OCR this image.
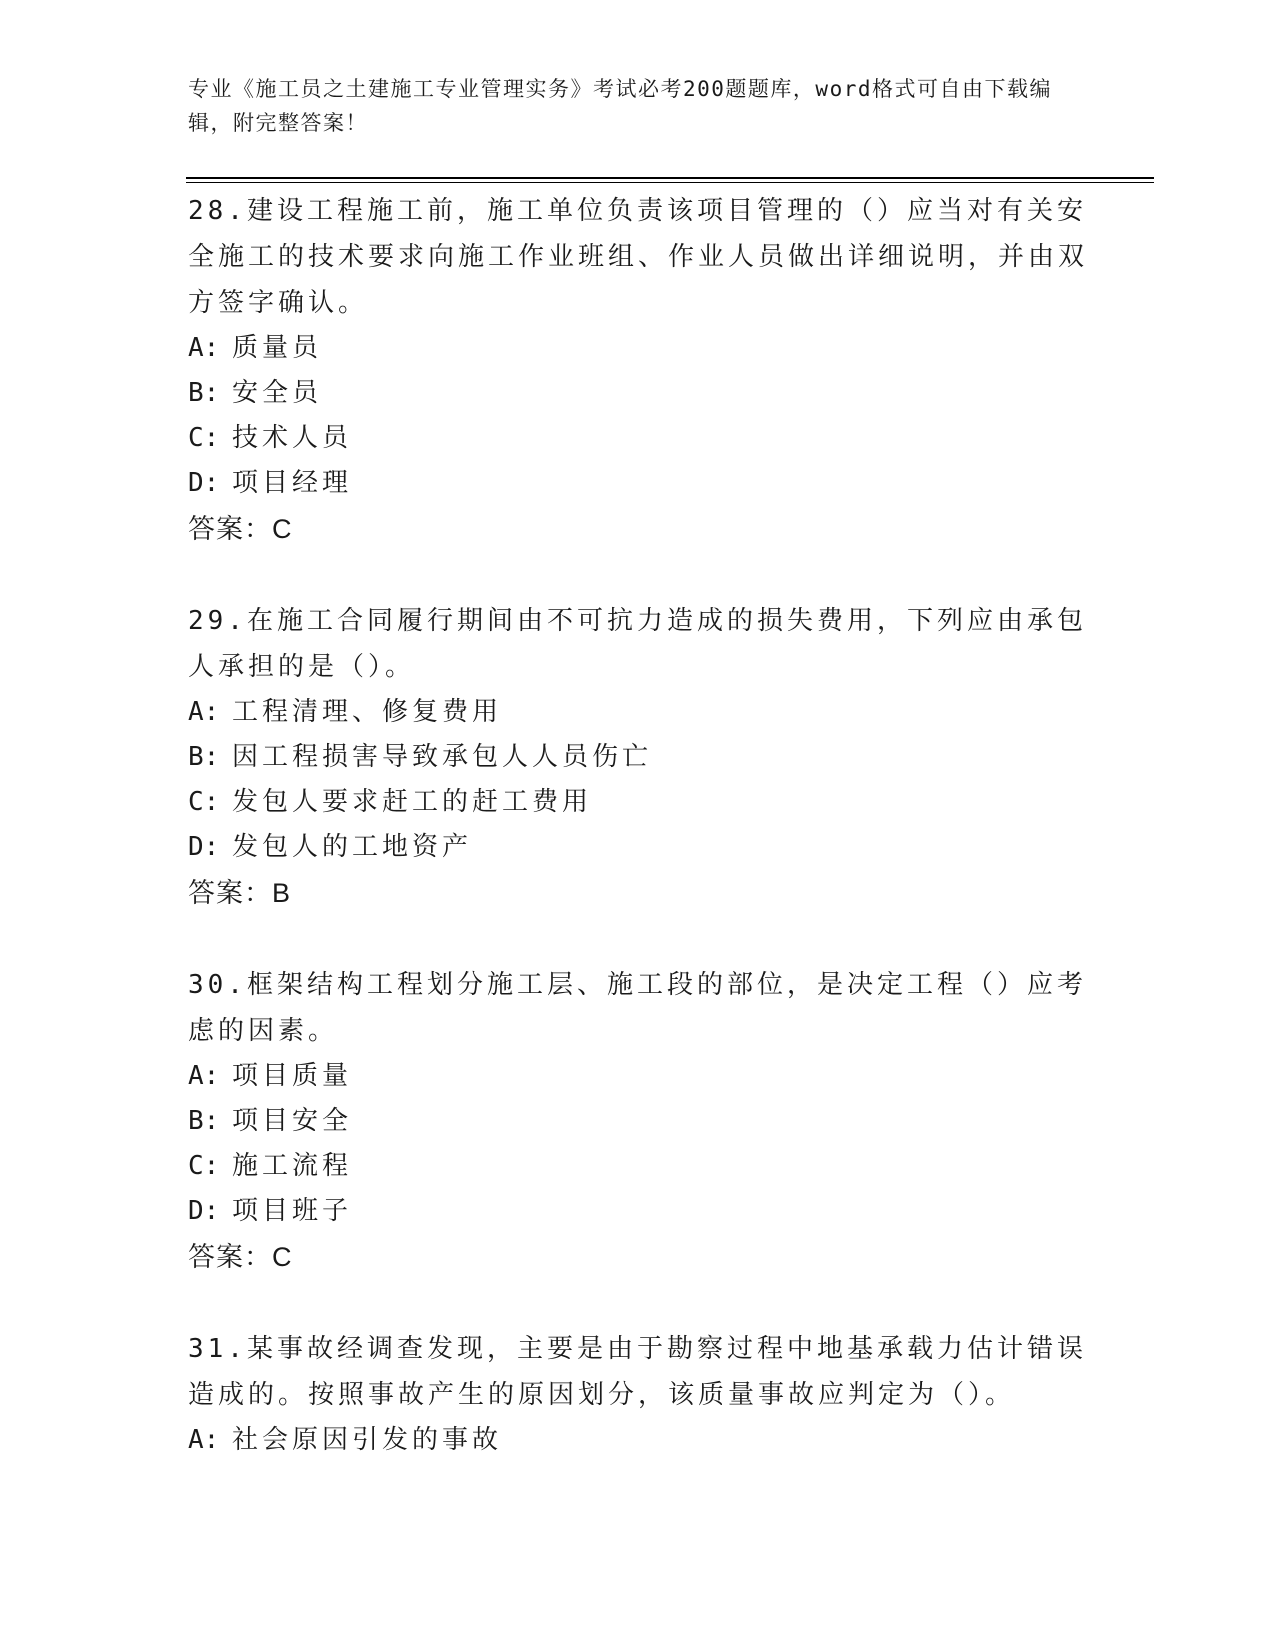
专业《施工员之土建施工专业管理实务》考试必考200题题库，word格式可自由下载编辑，附完整答案！
28.建设工程施工前，施工单位负责该项目管理的（）应当对有关安全施工的技术要求向施工作业班组、作业人员做出详细说明，并由双方签字确认。
A: 质量员
B: 安全员
C: 技术人员
D: 项目经理
答案：C
29.在施工合同履行期间由不可抗力造成的损失费用，下列应由承包人承担的是（）。
A: 工程清理、修复费用
B: 因工程损害导致承包人人员伤亡
C: 发包人要求赶工的赶工费用
D: 发包人的工地资产
答案：B
30.框架结构工程划分施工层、施工段的部位，是决定工程（）应考虑的因素。
A: 项目质量
B: 项目安全
C: 施工流程
D: 项目班子
答案：C
31.某事故经调查发现，主要是由于勘察过程中地基承载力估计错误造成的。按照事故产生的原因划分，该质量事故应判定为（）。
A: 社会原因引发的事故
